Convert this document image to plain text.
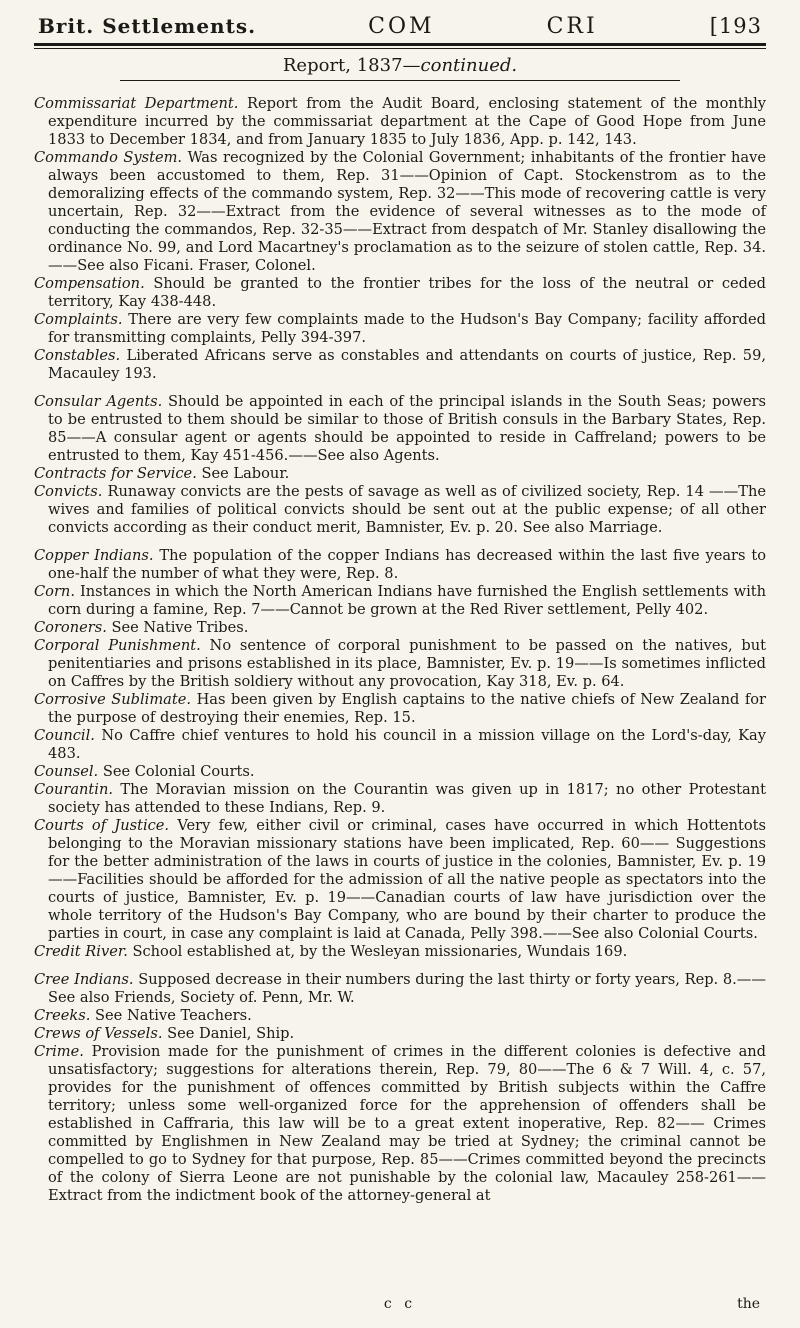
Brit. Settlements.	COM	CRI	[193
Report, 1837—continued.

Commissariat Department. Report from the Audit Board, enclosing statement of the monthly expenditure incurred by the commissariat department at the Cape of Good Hope from June 1833 to December 1834, and from January 1835 to July 1836, App. p. 142, 143.

Commando System. Was recognized by the Colonial Government; inhabitants of the frontier have always been accustomed to them, Rep. 31——Opinion of Capt. Stockenstrom as to the demoralizing effects of the commando system, Rep. 32——This mode of recovering cattle is very uncertain, Rep. 32——Extract from the evidence of several witnesses as to the mode of conducting the commandos, Rep. 32-35——Extract from despatch of Mr. Stanley disallowing the ordinance No. 99, and Lord Macartney's proclamation as to the seizure of stolen cattle, Rep. 34.——See also Ficani. Fraser, Colonel.

Compensation. Should be granted to the frontier tribes for the loss of the neutral or ceded territory, Kay 438-448.

Complaints. There are very few complaints made to the Hudson's Bay Company; facility afforded for transmitting complaints, Pelly 394-397.

Constables. Liberated Africans serve as constables and attendants on courts of justice, Rep. 59, Macauley 193.

Consular Agents. Should be appointed in each of the principal islands in the South Seas; powers to be entrusted to them should be similar to those of British consuls in the Barbary States, Rep. 85——A consular agent or agents should be appointed to reside in Caffreland; powers to be entrusted to them, Kay 451-456.——See also Agents.

Contracts for Service. See Labour.

Convicts. Runaway convicts are the pests of savage as well as of civilized society, Rep. 14 ——The wives and families of political convicts should be sent out at the public expense; of all other convicts according as their conduct merit, Bamnister, Ev. p. 20. See also Marriage.

Copper Indians. The population of the copper Indians has decreased within the last five years to one-half the number of what they were, Rep. 8.

Corn. Instances in which the North American Indians have furnished the English settlements with corn during a famine, Rep. 7——Cannot be grown at the Red River settlement, Pelly 402.

Coroners. See Native Tribes.

Corporal Punishment. No sentence of corporal punishment to be passed on the natives, but penitentiaries and prisons established in its place, Bamnister, Ev. p. 19——Is sometimes inflicted on Caffres by the British soldiery without any provocation, Kay 318, Ev. p. 64.

Corrosive Sublimate. Has been given by English captains to the native chiefs of New Zealand for the purpose of destroying their enemies, Rep. 15.

Council. No Caffre chief ventures to hold his council in a mission village on the Lord's-day, Kay 483.

Counsel. See Colonial Courts.

Courantin. The Moravian mission on the Courantin was given up in 1817; no other Protestant society has attended to these Indians, Rep. 9.

Courts of Justice. Very few, either civil or criminal, cases have occurred in which Hottentots belonging to the Moravian missionary stations have been implicated, Rep. 60—— Suggestions for the better administration of the laws in courts of justice in the colonies, Bamnister, Ev. p. 19——Facilities should be afforded for the admission of all the native people as spectators into the courts of justice, Bamnister, Ev. p. 19——Canadian courts of law have jurisdiction over the whole territory of the Hudson's Bay Company, who are bound by their charter to produce the parties in court, in case any complaint is laid at Canada, Pelly 398.——See also Colonial Courts.

Credit River. School established at, by the Wesleyan missionaries, Wundais 169.

Cree Indians. Supposed decrease in their numbers during the last thirty or forty years, Rep. 8.——See also Friends, Society of. Penn, Mr. W.

Creeks. See Native Teachers.

Crews of Vessels. See Daniel, Ship.

Crime. Provision made for the punishment of crimes in the different colonies is defective and unsatisfactory; suggestions for alterations therein, Rep. 79, 80——The 6 & 7 Will. 4, c. 57, provides for the punishment of offences committed by British subjects within the Caffre territory; unless some well-organized force for the apprehension of offenders shall be established in Caffraria, this law will be to a great extent inoperative, Rep. 82—— Crimes committed by Englishmen in New Zealand may be tried at Sydney; the criminal cannot be compelled to go to Sydney for that purpose, Rep. 85——Crimes committed beyond the precincts of the colony of Sierra Leone are not punishable by the colonial law, Macauley 258-261——Extract from the indictment book of the attorney-general at

c c	the
